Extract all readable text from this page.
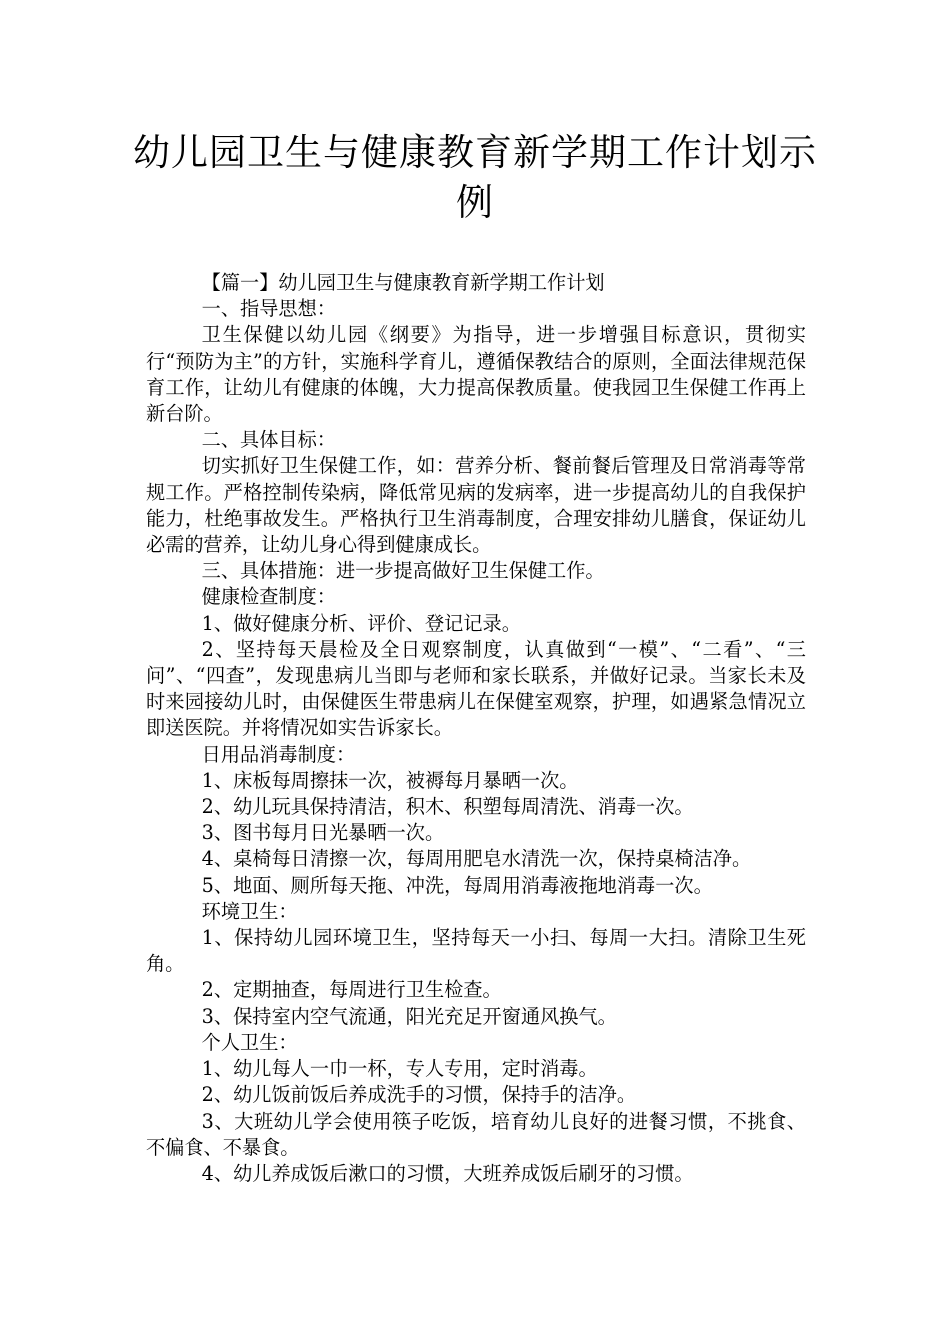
幼儿园卫生与健康教育新学期工作计划示
例

【篇一】幼儿园卫生与健康教育新学期工作计划

一、指导思想：

卫生保健以幼儿园《纲要》为指导，进一步增强目标意识，贯彻实行“预防为主”的方针，实施科学育儿，遵循保教结合的原则，全面法律规范保育工作，让幼儿有健康的体魄，大力提高保教质量。使我园卫生保健工作再上新台阶。

二、具体目标：

切实抓好卫生保健工作，如：营养分析、餐前餐后管理及日常消毒等常规工作。严格控制传染病，降低常见病的发病率，进一步提高幼儿的自我保护能力，杜绝事故发生。严格执行卫生消毒制度，合理安排幼儿膳食，保证幼儿必需的营养，让幼儿身心得到健康成长。

三、具体措施：进一步提高做好卫生保健工作。

健康检查制度：

1、做好健康分析、评价、登记记录。

2、坚持每天晨检及全日观察制度，认真做到“一模”、“二看”、“三问”、“四查”，发现患病儿当即与老师和家长联系，并做好记录。当家长未及时来园接幼儿时，由保健医生带患病儿在保健室观察，护理，如遇紧急情况立即送医院。并将情况如实告诉家长。

日用品消毒制度：

1、床板每周擦抹一次，被褥每月暴晒一次。

2、幼儿玩具保持清洁，积木、积塑每周清洗、消毒一次。

3、图书每月日光暴晒一次。

4、桌椅每日清擦一次，每周用肥皂水清洗一次，保持桌椅洁净。

5、地面、厕所每天拖、冲洗，每周用消毒液拖地消毒一次。

环境卫生：

1、保持幼儿园环境卫生，坚持每天一小扫、每周一大扫。清除卫生死角。

2、定期抽查，每周进行卫生检查。

3、保持室内空气流通，阳光充足开窗通风换气。

个人卫生：

1、幼儿每人一巾一杯，专人专用，定时消毒。

2、幼儿饭前饭后养成洗手的习惯，保持手的洁净。

3、大班幼儿学会使用筷子吃饭，培育幼儿良好的进餐习惯，不挑食、不偏食、不暴食。

4、幼儿养成饭后漱口的习惯，大班养成饭后刷牙的习惯。
